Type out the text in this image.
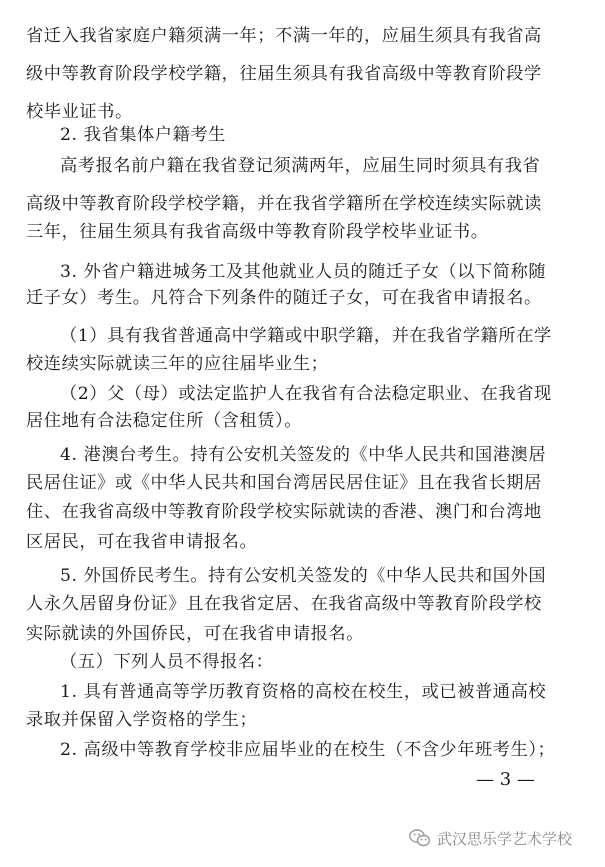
省迁入我省家庭户籍须满一年；不满一年的，应届生须具有我省高
级中等教育阶段学校学籍，往届生须具有我省高级中等教育阶段学
校毕业证书。
2. 我省集体户籍考生
高考报名前户籍在我省登记须满两年，应届生同时须具有我省
高级中等教育阶段学校学籍，并在我省学籍所在学校连续实际就读
三年，往届生须具有我省高级中等教育阶段学校毕业证书。
3. 外省户籍进城务工及其他就业人员的随迁子女（以下简称随
迁子女）考生。凡符合下列条件的随迁子女，可在我省申请报名。
（1）具有我省普通高中学籍或中职学籍，并在我省学籍所在学
校连续实际就读三年的应往届毕业生；
（2）父（母）或法定监护人在我省有合法稳定职业、在我省现
居住地有合法稳定住所（含租赁）。
4. 港澳台考生。持有公安机关签发的《中华人民共和国港澳居
民居住证》或《中华人民共和国台湾居民居住证》且在我省长期居
住、在我省高级中等教育阶段学校实际就读的香港、澳门和台湾地
区居民，可在我省申请报名。
5. 外国侨民考生。持有公安机关签发的《中华人民共和国外国
人永久居留身份证》且在我省定居、在我省高级中等教育阶段学校
实际就读的外国侨民，可在我省申请报名。
（五）下列人员不得报名：
1. 具有普通高等学历教育资格的高校在校生，或已被普通高校
录取并保留入学资格的学生；
2. 高级中等教育学校非应届毕业的在校生（不含少年班考生）；
— 3 —
武汉思乐学艺术学校
